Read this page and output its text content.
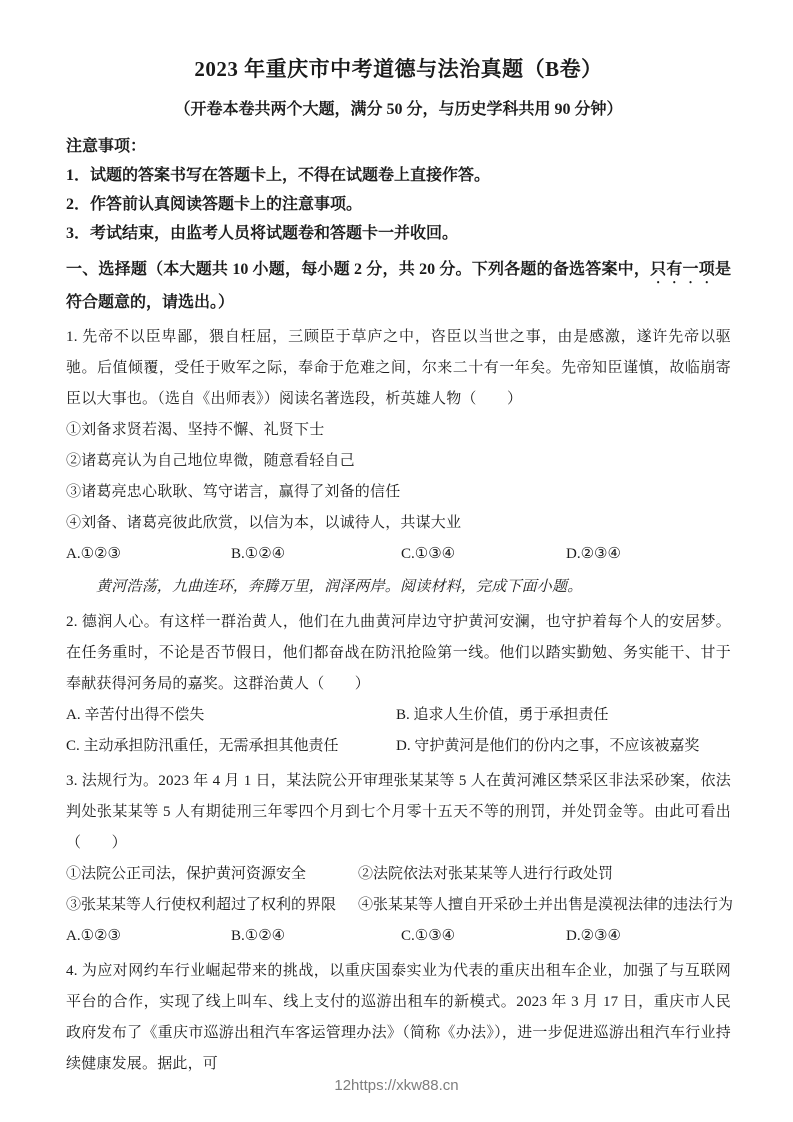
2023 年重庆市中考道德与法治真题（B卷）
（开卷本卷共两个大题，满分 50 分，与历史学科共用 90 分钟）

注意事项：

1．试题的答案书写在答题卡上，不得在试题卷上直接作答。

2．作答前认真阅读答题卡上的注意事项。

3．考试结束，由监考人员将试题卷和答题卡一并收回。

一、选择题（本大题共 10 小题，每小题 2 分，共 20 分。下列各题的备选答案中，只有一项是符合题意的，请选出。）

1. 先帝不以臣卑鄙，猥自枉屈，三顾臣于草庐之中，咨臣以当世之事，由是感激，遂许先帝以驱驰。后值倾覆，受任于败军之际，奉命于危难之间，尔来二十有一年矣。先帝知臣谨慎，故临崩寄臣以大事也。（选自《出师表》）阅读名著选段，析英雄人物（　　）

①刘备求贤若渴、坚持不懈、礼贤下士

②诸葛亮认为自己地位卑微，随意看轻自己

③诸葛亮忠心耿耿、笃守诺言，赢得了刘备的信任

④刘备、诸葛亮彼此欣赏，以信为本，以诚待人，共谋大业

A.①②③	B.①②④	C.①③④	D.②③④

黄河浩荡，九曲连环，奔腾万里，润泽两岸。阅读材料，完成下面小题。

2. 德润人心。有这样一群治黄人，他们在九曲黄河岸边守护黄河安澜，也守护着每个人的安居梦。在任务重时，不论是否节假日，他们都奋战在防汛抢险第一线。他们以踏实勤勉、务实能干、甘于奉献获得河务局的嘉奖。这群治黄人（　　）

A. 辛苦付出得不偿失	B. 追求人生价值，勇于承担责任
C. 主动承担防汛重任，无需承担其他责任	D. 守护黄河是他们的份内之事，不应该被嘉奖

3. 法规行为。2023 年 4 月 1 日，某法院公开审理张某某等 5 人在黄河滩区禁采区非法采砂案，依法判处张某某等 5 人有期徒刑三年零四个月到七个月零十五天不等的刑罚，并处罚金等。由此可看出（　　）

①法院公正司法，保护黄河资源安全	②法院依法对张某某等人进行行政处罚
③张某某等人行使权利超过了权利的界限	④张某某等人擅自开采砂土并出售是漠视法律的违法行为
A.①②③	B.①②④	C.①③④	D.②③④

4. 为应对网约车行业崛起带来的挑战，以重庆国泰实业为代表的重庆出租车企业，加强了与互联网平台的合作，实现了线上叫车、线上支付的巡游出租车的新模式。2023 年 3 月 17 日，重庆市人民政府发布了《重庆市巡游出租汽车客运管理办法》（简称《办法》），进一步促进巡游出租汽车行业持续健康发展。据此，可

12https://xkw88.cn
